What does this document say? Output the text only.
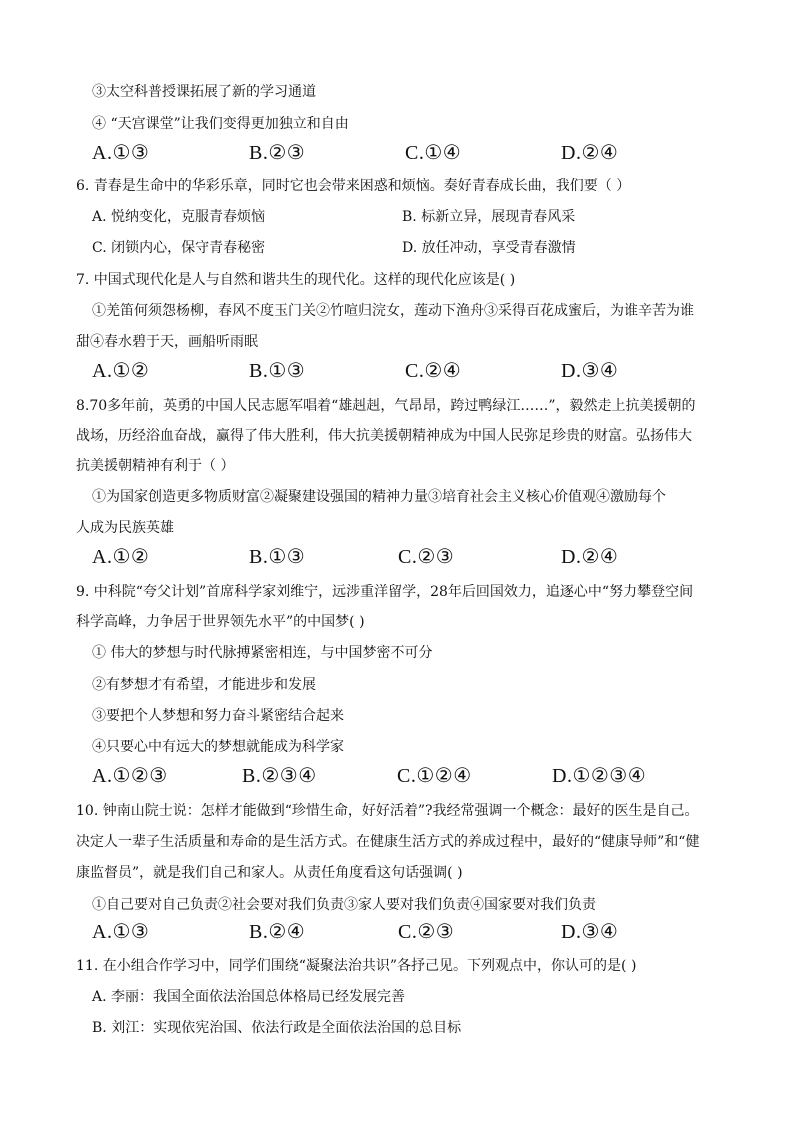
③太空科普授课拓展了新的学习通道
④ “天宫课堂”让我们变得更加独立和自由
A.①③	B.②③	C.①④	D.②④
6. 青春是生命中的华彩乐章，同时它也会带来困惑和烦恼。奏好青春成长曲，我们要（ ）
A. 悦纳变化，克服青春烦恼	B. 标新立异，展现青春风采
C. 闭锁内心，保守青春秘密	D. 放任冲动，享受青春激情
7. 中国式现代化是人与自然和谐共生的现代化。这样的现代化应该是( )
①羌笛何须怨杨柳，春风不度玉门关②竹喧归浣女，莲动下渔舟③采得百花成蜜后，为谁辛苦为谁
甜④春水碧于天，画船听雨眠
A.①②	B.①③	C.②④	D.③④
8.70多年前，英勇的中国人民志愿军唱着“雄赳赳，气昂昂，跨过鸭绿江……”，毅然走上抗美援朝的
战场，历经浴血奋战，赢得了伟大胜利，伟大抗美援朝精神成为中国人民弥足珍贵的财富。弘扬伟大
抗美援朝精神有利于（ ）
①为国家创造更多物质财富②凝聚建设强国的精神力量③培育社会主义核心价值观④激励每个
人成为民族英雄
A.①②	B.①③	C.②③	D.②④
9. 中科院“夸父计划”首席科学家刘维宁，远涉重洋留学，28年后回国效力，追逐心中“努力攀登空间
科学高峰，力争居于世界领先水平”的中国梦( )
① 伟大的梦想与时代脉搏紧密相连，与中国梦密不可分
②有梦想才有希望，才能进步和发展
③要把个人梦想和努力奋斗紧密结合起来
④只要心中有远大的梦想就能成为科学家
A.①②③	B.②③④	C.①②④	D.①②③④
10. 钟南山院士说：怎样才能做到“珍惜生命，好好活着”?我经常强调一个概念：最好的医生是自己。
决定人一辈子生活质量和寿命的是生活方式。在健康生活方式的养成过程中，最好的“健康导师”和“健
康监督员”，就是我们自己和家人。从责任角度看这句话强调( )
①自己要对自己负责②社会要对我们负责③家人要对我们负责④国家要对我们负责
A.①③	B.②④	C.②③	D.③④
11. 在小组合作学习中，同学们围绕“凝聚法治共识”各抒己见。下列观点中，你认可的是( )
A. 李丽：我国全面依法治国总体格局已经发展完善
B. 刘江：实现依宪治国、依法行政是全面依法治国的总目标
